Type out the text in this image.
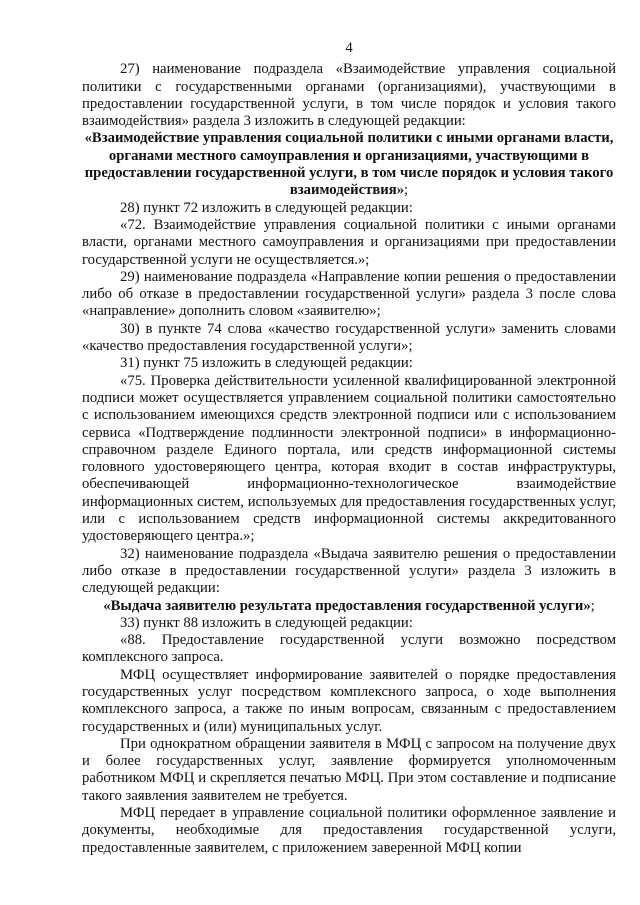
4

27) наименование подраздела «Взаимодействие управления социальной политики с государственными органами (организациями), участвующими в предоставлении государственной услуги, в том числе порядок и условия такого взаимодействия» раздела 3 изложить в следующей редакции:

«Взаимодействие управления социальной политики с иными органами власти, органами местного самоуправления и организациями, участвующими в предоставлении государственной услуги, в том числе порядок и условия такого взаимодействия»;

28) пункт 72 изложить в следующей редакции:

«72. Взаимодействие управления социальной политики с иными органами власти, органами местного самоуправления и организациями при предоставлении государственной услуги не осуществляется.»;

29) наименование подраздела «Направление копии решения о предоставлении либо об отказе в предоставлении государственной услуги» раздела 3 после слова «направление» дополнить словом «заявителю»;

30) в пункте 74 слова «качество государственной услуги» заменить словами «качество предоставления государственной услуги»;

31) пункт 75 изложить в следующей редакции:

«75. Проверка действительности усиленной квалифицированной электронной подписи может осуществляется управлением социальной политики самостоятельно с использованием имеющихся средств электронной подписи или с использованием сервиса «Подтверждение подлинности электронной подписи» в информационно-справочном разделе Единого портала, или средств информационной системы головного удостоверяющего центра, которая входит в состав инфраструктуры, обеспечивающей информационно-технологическое взаимодействие информационных систем, используемых для предоставления государственных услуг, или с использованием средств информационной системы аккредитованного удостоверяющего центра.»;

32) наименование подраздела «Выдача заявителю решения о предоставлении либо отказе в предоставлении государственной услуги» раздела 3 изложить в следующей редакции:

«Выдача заявителю результата предоставления государственной услуги»;

33) пункт 88 изложить в следующей редакции:

«88. Предоставление государственной услуги возможно посредством комплексного запроса.

МФЦ осуществляет информирование заявителей о порядке предоставления государственных услуг посредством комплексного запроса, о ходе выполнения комплексного запроса, а также по иным вопросам, связанным с предоставлением государственных и (или) муниципальных услуг.

При однократном обращении заявителя в МФЦ с запросом на получение двух и более государственных услуг, заявление формируется уполномоченным работником МФЦ и скрепляется печатью МФЦ. При этом составление и подписание такого заявления заявителем не требуется.

МФЦ передает в управление социальной политики оформленное заявление и документы, необходимые для предоставления государственной услуги, предоставленные заявителем, с приложением заверенной МФЦ копии
